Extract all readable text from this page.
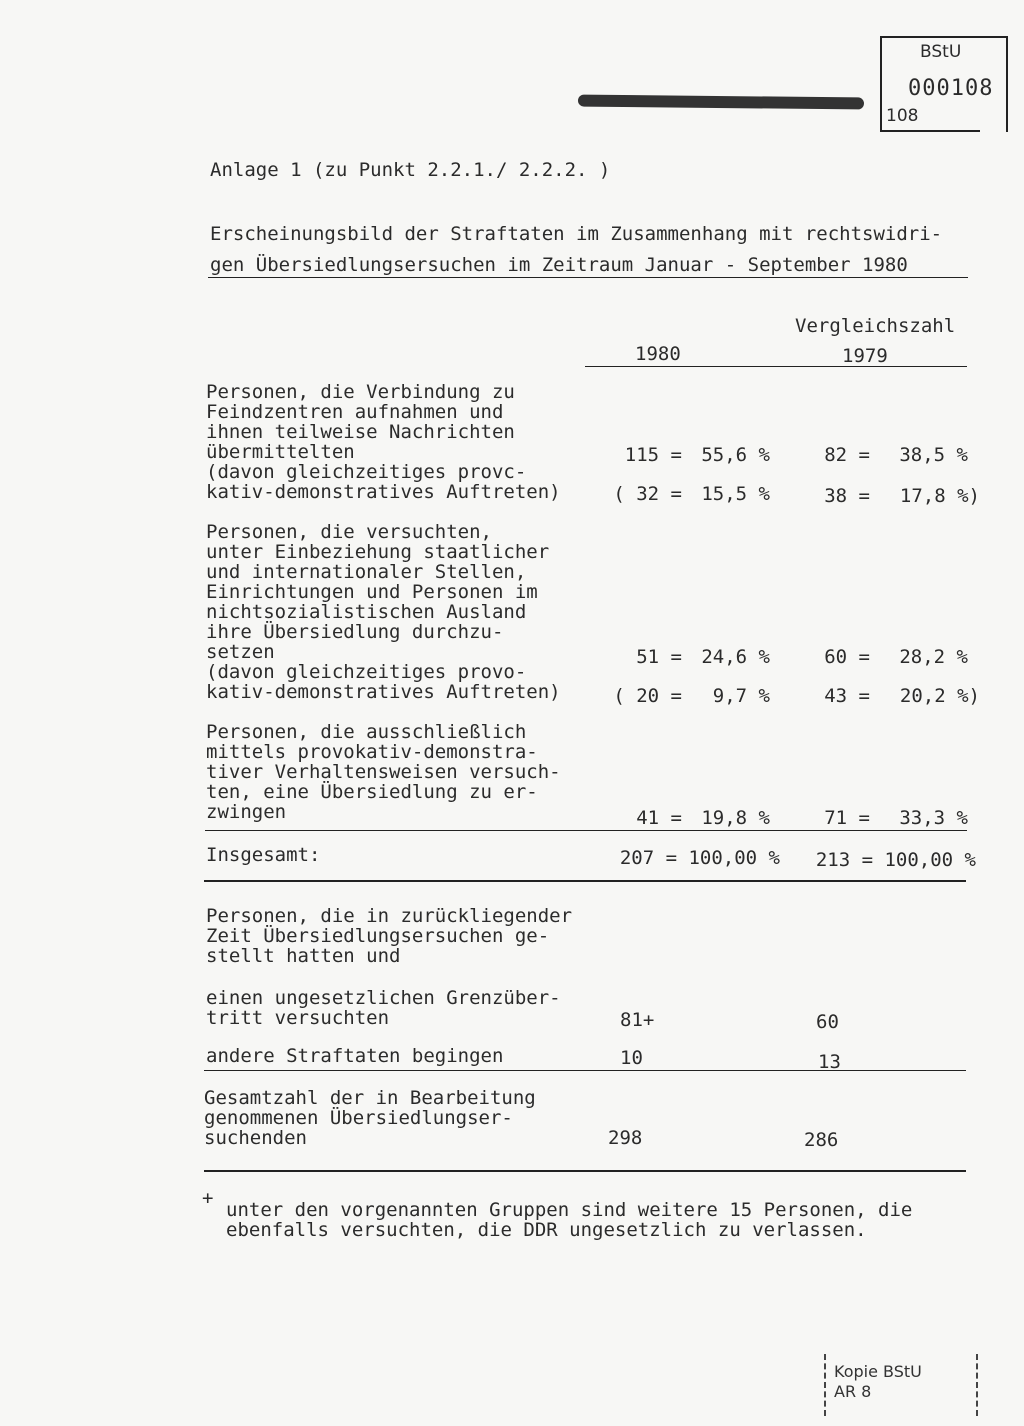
BStU
000108
108
Anlage 1 (zu Punkt 2.2.1./ 2.2.2. )
Erscheinungsbild der Straftaten im Zusammenhang mit rechtswidri-
gen Übersiedlungsersuchen im Zeitraum Januar - September 1980
Vergleichszahl
1980	1979
Personen, die Verbindung zu
Feindzentren aufnahmen und
ihnen teilweise Nachrichten
übermittelten
(davon gleichzeitiges provc-
kativ-demonstratives Auftreten)
115 =	55,6 %	82 =	38,5 %
( 32 =	15,5 %	38 =	17,8 %)
Personen, die versuchten,
unter Einbeziehung staatlicher
und internationaler Stellen,
Einrichtungen und Personen im
nichtsozialistischen Ausland
ihre Übersiedlung durchzu-
setzen
(davon gleichzeitiges provo-
kativ-demonstratives Auftreten)
51 =	24,6 %	60 =	28,2 %
( 20 =	9,7 %	43 =	20,2 %)
Personen, die ausschließlich
mittels provokativ-demonstra-
tiver Verhaltensweisen versuch-
ten, eine Übersiedlung zu er-
zwingen	41 =	19,8 %	71 =	33,3 %
Insgesamt:	207 = 100,00 %	213 = 100,00 %
Personen, die in zurückliegender
Zeit Übersiedlungsersuchen ge-
stellt hatten und
einen ungesetzlichen Grenzüber-
tritt versuchten	81+	60
andere Straftaten begingen	10	13
Gesamtzahl der in Bearbeitung
genommenen Übersiedlungser-
suchenden	298	286
+
unter den vorgenannten Gruppen sind weitere 15 Personen, die
ebenfalls versuchten, die DDR ungesetzlich zu verlassen.
Kopie BStU
AR 8
